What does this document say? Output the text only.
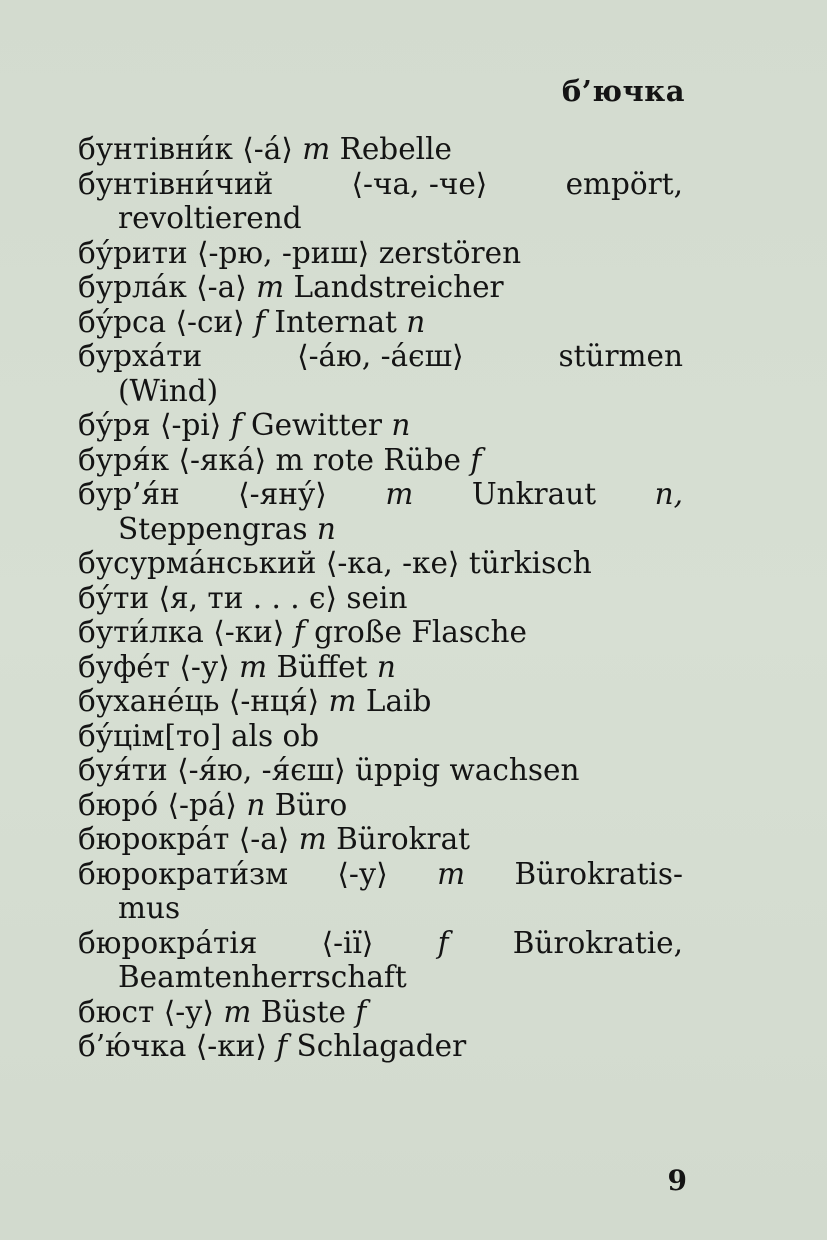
б’ючка
бунтівни́к ⟨-а́⟩ m Rebelle
бунтівни́чий	⟨-ча, -че⟩	empört,
revoltierend
бу́рити ⟨-рю, -риш⟩ zerstören
бурла́к ⟨-а⟩ m Landstreicher
бу́рса ⟨-си⟩ f Internat n
бурха́ти	⟨-а́ю, -а́єш⟩	stürmen
(Wind)
бу́ря ⟨-рі⟩ f Gewitter n
буря́к ⟨-яка́⟩ m rote Rübe f
бур’я́н ⟨-яну́⟩ m Unkraut n,
Steppengras n
бусурма́нський ⟨-ка, -ке⟩ türkisch
бу́ти ⟨я, ти . . . є⟩ sein
бути́лка ⟨-ки⟩ f große Flasche
буфе́т ⟨-у⟩ m Büffet n
бухане́ць ⟨-нця́⟩ m Laib
бу́цім[то] als ob
буя́ти ⟨-я́ю, -я́єш⟩ üppig wachsen
бюро́ ⟨-ра́⟩ n Büro
бюрокра́т ⟨-а⟩ m Bürokrat
бюрократи́зм ⟨-у⟩ m Bürokratis-
mus
бюрокра́тія ⟨-ії⟩ f Bürokratie,
Beamtenherrschaft
бюст ⟨-у⟩ m Büste f
б’ю́чка ⟨-ки⟩ f Schlagader
9
